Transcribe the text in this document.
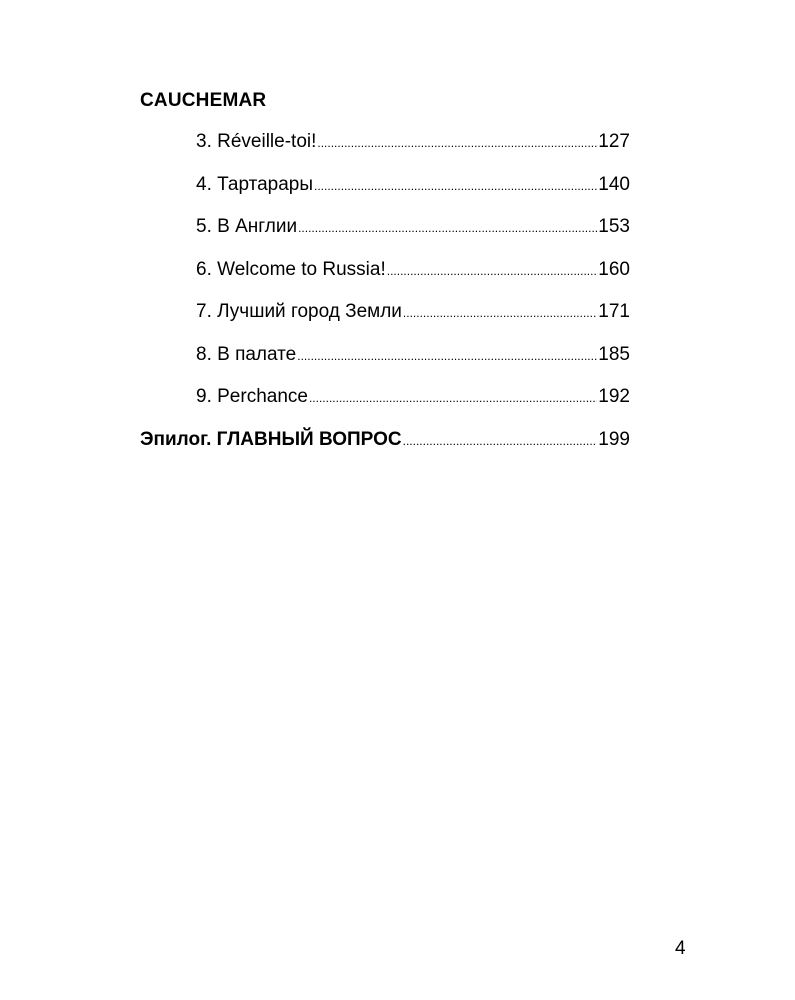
CAUCHEMAR
3. Réveille-toi! .....	127
4. Тартарары .....	140
5. В Англии .....	153
6. Welcome to Russia! .....	160
7. Лучший город Земли .....	171
8. В палате .....	185
9. Perchance .....	192
Эпилог. ГЛАВНЫЙ ВОПРОС .....	199
4
